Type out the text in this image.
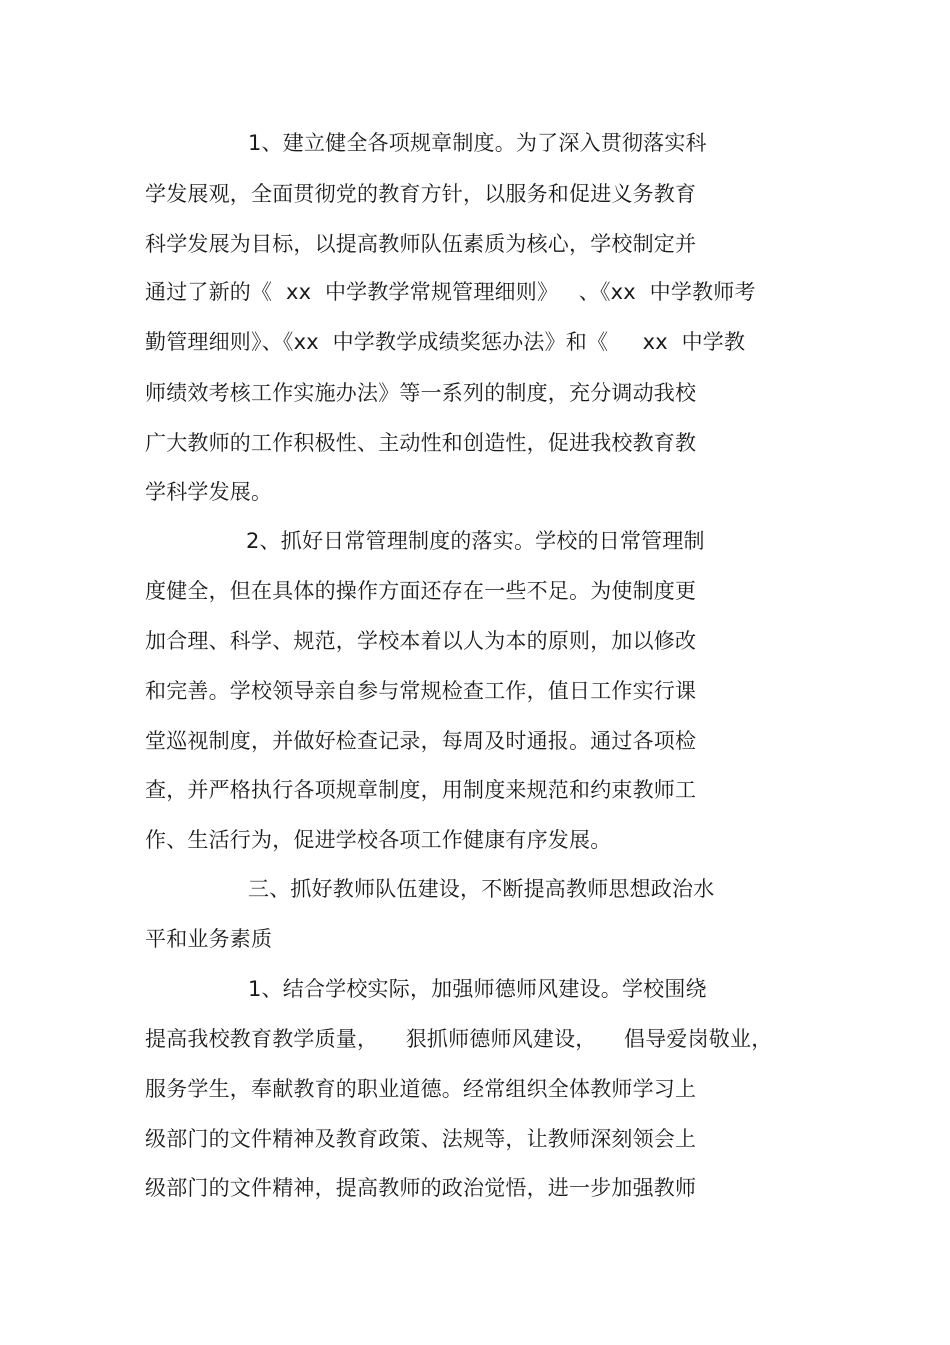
1、建立健全各项规章制度。为了深入贯彻落实科
学发展观，全面贯彻党的教育方针，以服务和促进义务教育
科学发展为目标，以提高教师队伍素质为核心，学校制定并
通过了新的《  xx  中学教学常规管理细则》   、《xx  中学教师考
勤管理细则》、《xx  中学教学成绩奖惩办法》和《     xx  中学教
师绩效考核工作实施办法》等一系列的制度，充分调动我校
广大教师的工作积极性、主动性和创造性，促进我校教育教
学科学发展。
2、抓好日常管理制度的落实。学校的日常管理制
度健全，但在具体的操作方面还存在一些不足。为使制度更
加合理、科学、规范，学校本着以人为本的原则，加以修改
和完善。学校领导亲自参与常规检查工作，值日工作实行课
堂巡视制度，并做好检查记录，每周及时通报。通过各项检
查，并严格执行各项规章制度，用制度来规范和约束教师工
作、生活行为，促进学校各项工作健康有序发展。
三、抓好教师队伍建设，不断提高教师思想政治水
平和业务素质
1、结合学校实际，加强师德师风建设。学校围绕
提高我校教育教学质量，    狠抓师德师风建设，    倡导爱岗敬业，
服务学生，奉献教育的职业道德。经常组织全体教师学习上
级部门的文件精神及教育政策、法规等，让教师深刻领会上
级部门的文件精神，提高教师的政治觉悟，进一步加强教师
